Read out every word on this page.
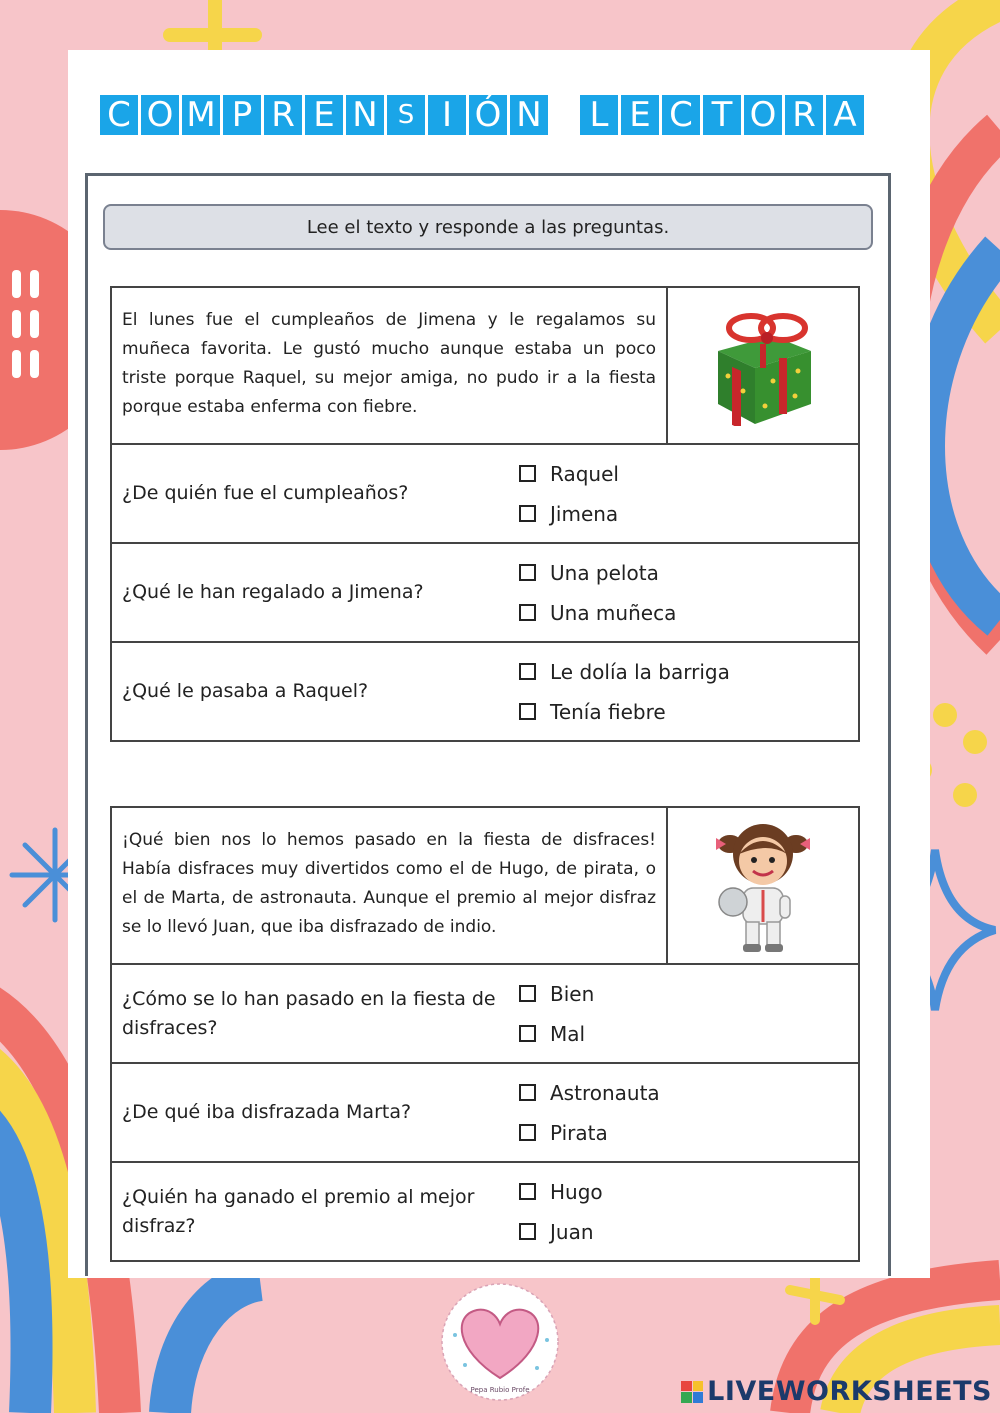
C O M P R E N S I Ó N L E C T O R A
Lee el texto y responde a las preguntas.
El lunes fue el cumpleaños de Jimena y le regalamos su muñeca favorita. Le gustó mucho aunque estaba un poco triste porque Raquel, su mejor amiga, no pudo ir a la fiesta porque estaba enferma con fiebre.
¿De quién fue el cumpleaños?
Raquel
Jimena
¿Qué le han regalado a Jimena?
Una pelota
Una muñeca
¿Qué le pasaba a Raquel?
Le dolía la barriga
Tenía fiebre
¡Qué bien nos lo hemos pasado en la fiesta de disfraces! Había disfraces muy divertidos como el de Hugo, de pirata, o el de Marta, de astronauta. Aunque el premio al mejor disfraz se lo llevó Juan, que iba disfrazado de indio.
¿Cómo se lo han pasado en la fiesta de disfraces?
Bien
Mal
¿De qué iba disfrazada Marta?
Astronauta
Pirata
¿Quién ha ganado el premio al mejor disfraz?
Hugo
Juan
Pepa Rubio Profe	LIVEWORKSHEETS
